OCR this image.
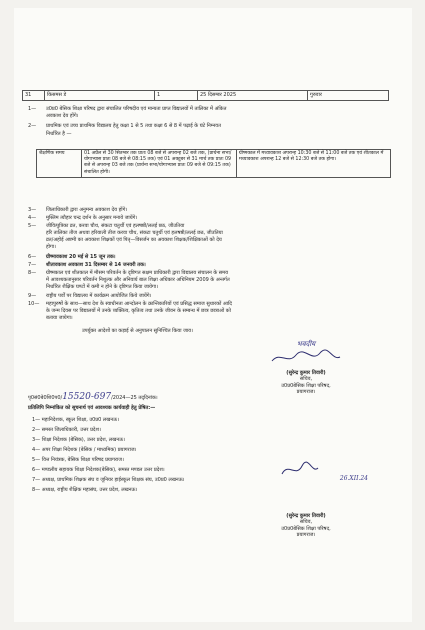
31	किसमस डे	1	25 दिसम्बर 2025	गुरुवार
1—	उ0प्र0 बेसिक शिक्षा परिषद द्वारा संचालित परिषदीय एवं मान्यता प्राप्त विद्यालयों में तालिका में अंकित
अवकाश देय होंगे।
2—	प्राथमिक एवं उच्च प्राथमिक विद्यालय हेतु कक्षा 1 से 5 तथा कक्षा 6 से 8 में पढ़ाई के घंटे निम्नवत
निर्धारित है —
शैक्षणिक समय	01 अप्रैल से 30 सितम्बर तक प्रातः 08 बजे से अपरान्ह 02 बजे तक, (प्रार्थना सभा/योगाभ्यास प्रातः 08 बजे से 08:15 तक) एवं 01 अक्टूबर से 31 मार्च तक प्रातः 09 बजे से अपरान्ह 03 बजे तक (प्रार्थना सभा/योगाभ्यास प्रातः 09 बजे से 09:15 तक) संचालित होगी।	ग्रीष्मकाल में मध्यावकाश अपरान्ह 10:30 बजे से 11:00 बजे तक एवं शीतकाल में मध्यावकाश अपरान्ह 12 बजे से 12:30 बजे तक होगा।
3—	जिलाधिकारी द्वारा अनुमन्य अवकाश देय होंगे।
4—	मुस्लिम त्यौहार चन्द्र दर्शन के अनुसार मनाये जायेंगे।
5—	जीवित्पुत्रिका व्रत, करवा चौथ, संकटा चतुर्थी एवं हलषष्ठी/ललई छठ, जीउतिया
हरि तालिका तीज अथवा हरियाली तीज करवा चौथ, संकटा चतुर्थी एवं हलषष्ठी/ललई छठ, जीउतिया
व्रत/अहोई अष्टमी का अवकाश शिक्षकों एवं पितृ—विसर्जन का अवकाश शिक्षक/शिक्षिकाओं को देय
होगा।
6—	ग्रीष्मावकाश 20 मई से 15 जून तक।
7—	शीतावकाश अवकाश 31 दिसम्बर से 14 जनवरी तक।
8—	ग्रीष्मकाल एवं शीतकाल में मौसम परिवर्तन के दृष्टिगत सक्षम प्राधिकारी द्वारा विद्यालय संचालन के समय
में आवश्यकतानुसार परिवर्तन निशुल्क और अनिवार्य बाल शिक्षा अधिकार अधिनियम 2009 के अन्तर्गत
निर्धारित शैक्षिक घण्टों में कमी न होने के दृष्टिगत किया जायेगा।
9—	राष्ट्रीय पर्वों पर विद्यालय में कार्यक्रम आयोजित किये जायेंगे।
10—	महापुरुषों के साथ—साथ देश के स्वाधीनता आन्दोलन के क्रान्तिकारियों एवं प्रसिद्ध समाज सुधारकों आदि
के जन्म दिवस पर विद्यालयों में उनके व्यक्तित्व, कृतित्व तथा उनके जीवन के सम्बन्ध में छात्र छात्राओं को
बताया जायेगा।
उपर्युक्त आदेशों का कड़ाई से अनुपालन सुनिश्चित किया जाय।
भवदीय
(सुरेन्द्र कुमार तिवारी)
सचिव,
उ0प्र0बेसिक शिक्षा परिषद,
प्रयागराज।
पृ0सं0बे0शि0प0/15520-697/2024—25 तद्‌दिनांक।
प्रतिलिपि निम्नांकित को सूचनार्थ एवं आवश्यक कार्यवाही हेतु प्रेषित:—
1— महानिदेशक, स्कूल शिक्षा, उ0प्र0 लखनऊ।
2— समस्त जिलाधिकारी, उत्तर प्रदेश।
3— शिक्षा निदेशक (बेसिक), उत्तर प्रदेश, लखनऊ।
4— अपर शिक्षा निदेशक (बेसिक / माध्यमिक) प्रयागराज।
5— वित्त नियंत्रक, बेसिक शिक्षा परिषद प्रयागराज।
6— मण्डलीय सहायक शिक्षा निदेशक(बेसिक), समस्त मण्डल उत्तर प्रदेश।
7— अध्यक्ष, प्राथमिक शिक्षक संघ व जूनियर हाईस्कूल शिक्षक संघ, उ0प्र0 लखनऊ।
8— अध्यक्ष, राष्ट्रीय शैक्षिक महासंघ, उत्तर प्रदेश, लखनऊ।
26.XII.24
(सुरेन्द्र कुमार तिवारी)
सचिव,
उ0प्र0बेसिक शिक्षा परिषद,
प्रयागराज।
